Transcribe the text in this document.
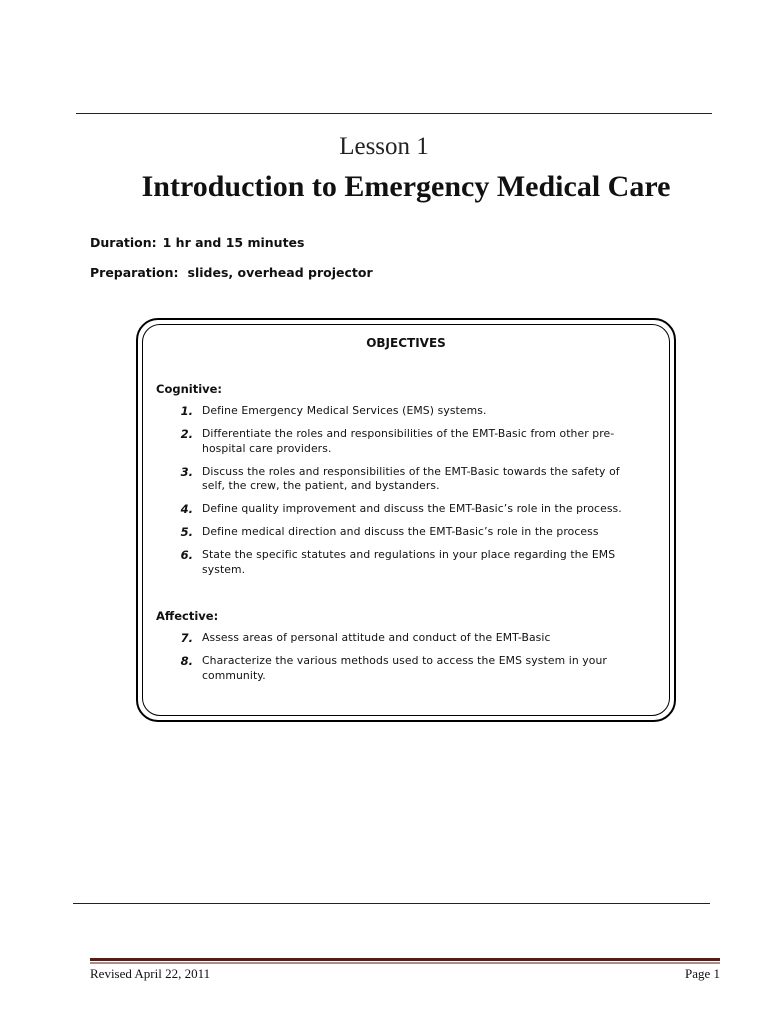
Lesson 1
Introduction to Emergency Medical Care
Duration: 1 hr and 15 minutes
Preparation: slides, overhead projector
OBJECTIVES
Cognitive:
1. Define Emergency Medical Services (EMS) systems.
2. Differentiate the roles and responsibilities of the EMT-Basic from other pre-hospital care providers.
3. Discuss the roles and responsibilities of the EMT-Basic towards the safety of self, the crew, the patient, and bystanders.
4. Define quality improvement and discuss the EMT-Basic’s role in the process.
5. Define medical direction and discuss the EMT-Basic’s role in the process
6. State the specific statutes and regulations in your place regarding the EMS system.
Affective:
7. Assess areas of personal attitude and conduct of the EMT-Basic
8. Characterize the various methods used to access the EMS system in your community.
Revised April 22, 2011	Page 1
